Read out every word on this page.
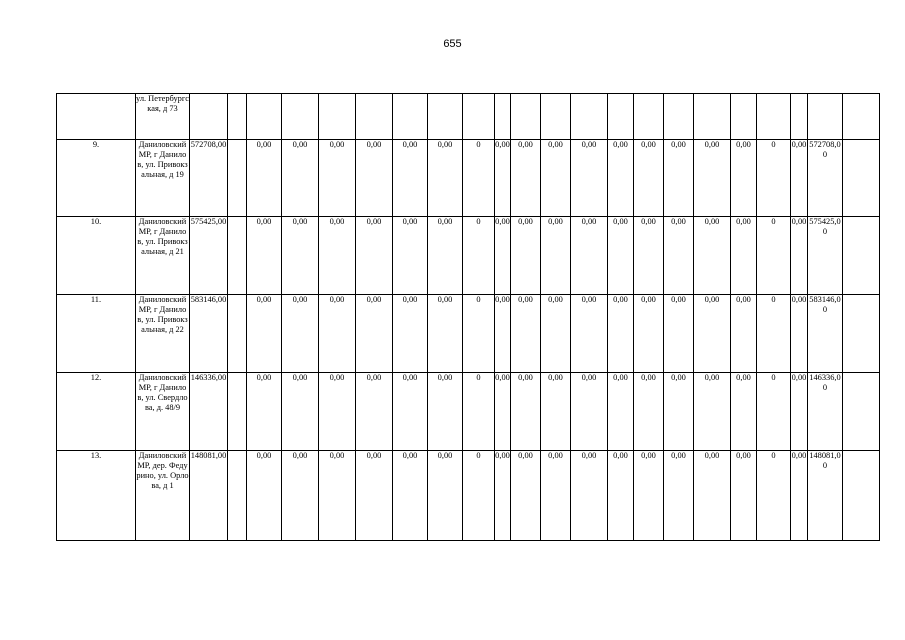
655
	ул. Петербургская, д 73																						
9.	Даниловский МР, г Данилов, ул. Привокзальная, д 19	572708,00		0,00	0,00	0,00	0,00	0,00	0,00	0	0,00	0,00	0,00	0,00	0,00	0,00	0,00	0,00	0,00	0	0,00	572708,00	
10.	Даниловский МР, г Данилов, ул. Привокзальная, д 21	575425,00		0,00	0,00	0,00	0,00	0,00	0,00	0	0,00	0,00	0,00	0,00	0,00	0,00	0,00	0,00	0,00	0	0,00	575425,00	
11.	Даниловский МР, г Данилов, ул. Привокзальная, д 22	583146,00		0,00	0,00	0,00	0,00	0,00	0,00	0	0,00	0,00	0,00	0,00	0,00	0,00	0,00	0,00	0,00	0	0,00	583146,00	
12.	Даниловский МР, г Данилов, ул. Свердлова, д. 48/9	146336,00		0,00	0,00	0,00	0,00	0,00	0,00	0	0,00	0,00	0,00	0,00	0,00	0,00	0,00	0,00	0,00	0	0,00	146336,00	
13.	Даниловский МР, дер. Федурино, ул. Орлова, д 1	148081,00		0,00	0,00	0,00	0,00	0,00	0,00	0	0,00	0,00	0,00	0,00	0,00	0,00	0,00	0,00	0,00	0	0,00	148081,00	
